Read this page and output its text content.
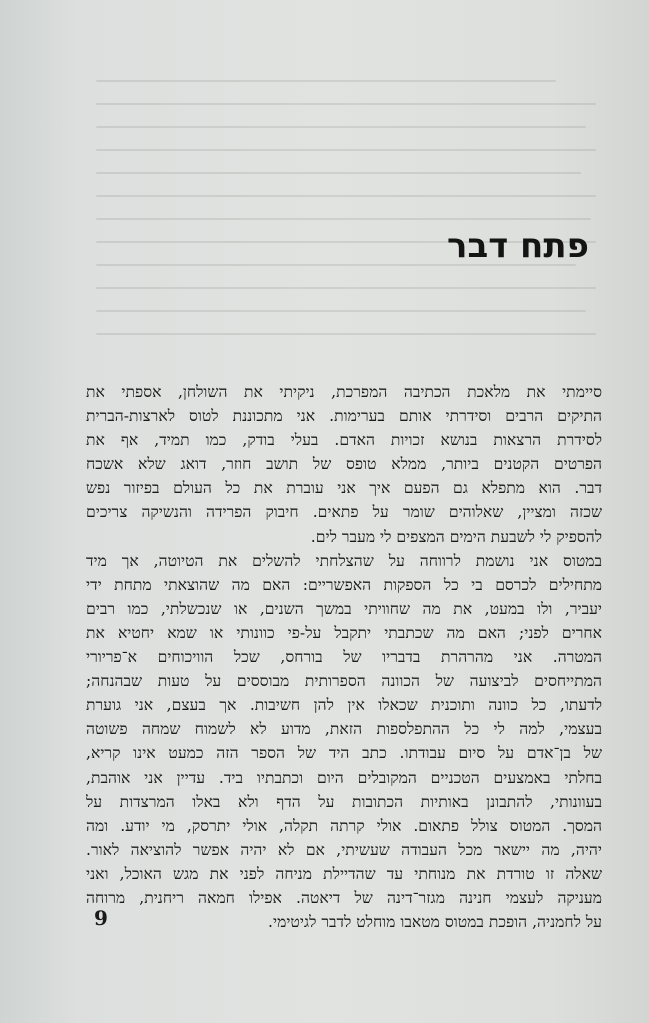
פתח דבר
סיימתי את מלאכת הכתיבה המפרכת, ניקיתי את השולחן, אספתי את
התיקים הרבים וסידרתי אותם בערימות. אני מתכוננת לטוס לארצות-הברית
לסידרת הרצאות בנושא זכויות האדם. בעלי בודק, כמו תמיד, אף את
הפרטים הקטנים ביותר, ממלא טופס של תושב חוזר, דואג שלא אשכח
דבר. הוא מתפלא גם הפעם איך אני עוברת את כל העולם בפיזור נפש
שכזה ומציין, שאלוהים שומר על פתאים. חיבוק הפרידה והנשיקה צריכים
להספיק לי לשבעת הימים המצפים לי מעבר לים.
במטוס אני נושמת לרווחה על שהצלחתי להשלים את הטיוטה, אך מיד
מתחילים לכרסם בי כל הספקות האפשריים: האם מה שהוצאתי מתחת ידי
יעביר, ולו במעט, את מה שחוויתי במשך השנים, או שנכשלתי, כמו רבים
אחרים לפני; האם מה שכתבתי יתקבל על-פי כוונותי או שמא יחטיא את
המטרה. אני מהרהרת בדבריו של בורחס, שכל הוויכוחים א־פריורי
המתייחסים לביצועה של הכוונה הספרותית מבוססים על טעות שבהנחה;
לדעתו, כל כוונה ותוכנית שכאלו אין להן חשיבות. אך בעצם, אני גוערת
בעצמי, למה לי כל ההתפלספות הזאת, מדוע לא לשמוח שמחה פשוטה
של בן־אדם על סיום עבודתו. כתב היד של הספר הזה כמעט אינו קריא,
בחלתי באמצעים הטכניים המקובלים היום וכתבתיו ביד. עדיין אני אוהבת,
בעוונותי, להתבונן באותיות הכתובות על הדף ולא באלו המרצדות על
המסך. המטוס צולל פתאום. אולי קרתה תקלה, אולי יתרסק, מי יודע. ומה
יהיה, מה יישאר מכל העבודה שעשיתי, אם לא יהיה אפשר להוציאה לאור.
שאלה זו טורדת את מנוחתי עד שהדיילת מניחה לפני את מגש האוכל, ואני
מעניקה לעצמי חנינה מגזר־דינה של דיאטה. אפילו חמאה ריחנית, מרוחה
על לחמניה, הופכת במטוס מטאבו מוחלט לדבר לגיטימי.
9
